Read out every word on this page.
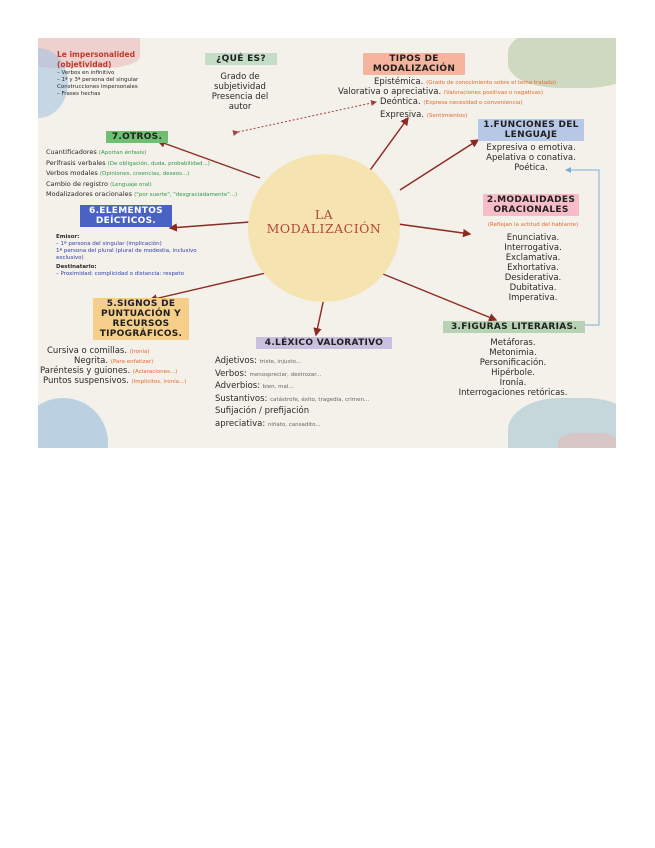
LA
MODALIZACIÓN
Le impersonalided
(objetividad)
– Verbos en infinitivo
– 1ª y 3ª persona del singular
Construcciones impersonales
– Frases hechas
¿QUÉ ES?
Grado de
subjetividad
Presencia del
autor
TIPOS DE
MODALIZACIÓN
Epistémica. (Grado de conocimiento sobre el tema tratado)
Valorativa o apreciativa. (Valoraciones positivas o negativas)
Deóntica. (Expresa necesidad o conveniencia)
Expresiva. (Sentimientos)
1.FUNCIONES DEL
LENGUAJE
Expresiva o emotiva.
Apelativa o conativa.
Poética.
2.MODALIDADES
ORACIONALES
(Reflejan la actitud del hablante)
Enunciativa.
Interrogativa.
Exclamativa.
Exhortativa.
Desiderativa.
Dubitativa.
Imperativa.
3.FIGURAS LITERARIAS.
Metáforas.
Metonimia.
Personificación.
Hipérbole.
Ironía.
Interrogaciones retóricas.
4.LÉXICO VALORATIVO
Adjetivos: triste, injusto...
Verbos: menospreciar, destrozar...
Adverbios: bien, mal...
Sustantivos: catástrofe, éxito, tragedia, crimen...
Sufijación / prefijación
apreciativa: niñato, cansadito...
5.SIGNOS DE
PUNTUACIÓN Y
RECURSOS
TIPOGRÁFICOS.
Cursiva o comillas. (Ironía)
Negrita. (Para enfatizar)
Paréntesis y guiones. (Aclaraciones...)
Puntos suspensivos. (Implicitos, ironía...)
6.ELEMENTOS
DEÍCTICOS.
Emisor:
– 1ª persona del singular (implicación)
1ª persona del plural (plural de modestia, inclusivo
exclusivo)
Destinatario:
– Proximidad: complicidad o distancia: respeto
7.OTROS.
Cuantificadores (Aportan énfasis)
Perífrasis verbales (De obligación, duda, probabilidad...)
Verbos modales (Opiniones, creencias, deseos...)
Cambio de registro (Lenguaje oral)
Modalizadores oracionales ("por suerte", "desgraciadamente"...)
